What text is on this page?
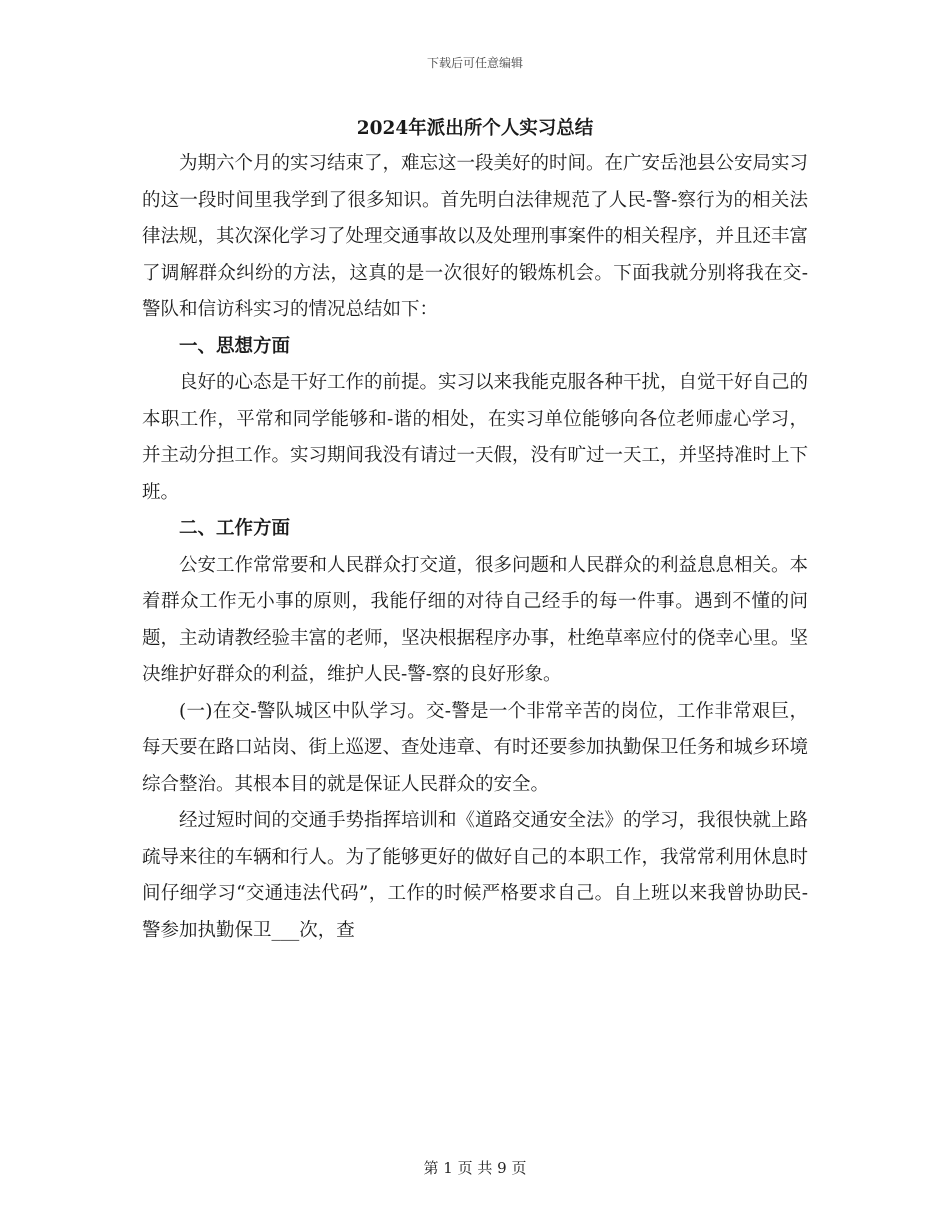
下载后可任意编辑
2024年派出所个人实习总结

为期六个月的实习结束了，难忘这一段美好的时间。在广安岳池县公安局实习的这一段时间里我学到了很多知识。首先明白法律规范了人民-警-察行为的相关法律法规，其次深化学习了处理交通事故以及处理刑事案件的相关程序，并且还丰富了调解群众纠纷的方法，这真的是一次很好的锻炼机会。下面我就分别将我在交-警队和信访科实习的情况总结如下：

一、思想方面

良好的心态是干好工作的前提。实习以来我能克服各种干扰，自觉干好自己的本职工作，平常和同学能够和-谐的相处，在实习单位能够向各位老师虚心学习，并主动分担工作。实习期间我没有请过一天假，没有旷过一天工，并坚持准时上下班。

二、工作方面

公安工作常常要和人民群众打交道，很多问题和人民群众的利益息息相关。本着群众工作无小事的原则，我能仔细的对待自己经手的每一件事。遇到不懂的问题，主动请教经验丰富的老师，坚决根据程序办事，杜绝草率应付的侥幸心里。坚决维护好群众的利益，维护人民-警-察的良好形象。

(一)在交-警队城区中队学习。交-警是一个非常辛苦的岗位，工作非常艰巨，每天要在路口站岗、街上巡逻、查处违章、有时还要参加执勤保卫任务和城乡环境综合整治。其根本目的就是保证人民群众的安全。

经过短时间的交通手势指挥培训和《道路交通安全法》的学习，我很快就上路疏导来往的车辆和行人。为了能够更好的做好自己的本职工作，我常常利用休息时间仔细学习“交通违法代码”，工作的时候严格要求自己。自上班以来我曾协助民-警参加执勤保卫___次，查

第 1 页 共 9 页
